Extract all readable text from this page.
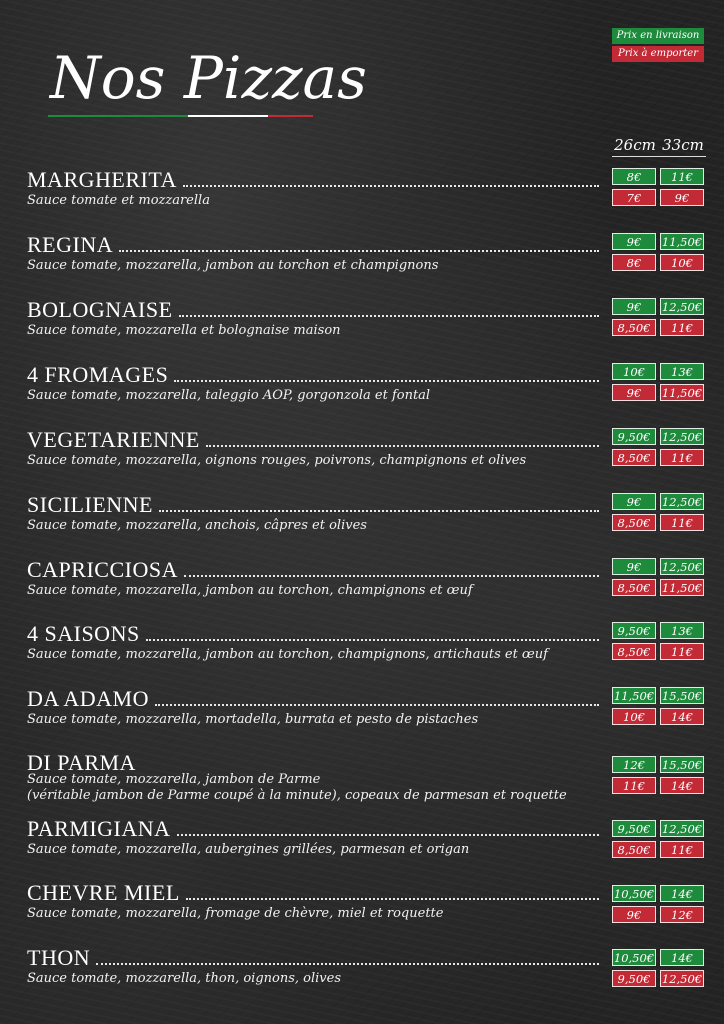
Nos Pizzas
Prix en livraison
Prix à emporter
26cm 33cm
MARGHERITA
Sauce tomate et mozzarella
8€	11€
7€	9€
REGINA
Sauce tomate, mozzarella, jambon au torchon et champignons
9€	11,50€
8€	10€
BOLOGNAISE
Sauce tomate, mozzarella et bolognaise maison
9€	12,50€
8,50€	11€
4 FROMAGES
Sauce tomate, mozzarella, taleggio AOP, gorgonzola et fontal
10€	13€
9€	11,50€
VEGETARIENNE
Sauce tomate, mozzarella, oignons rouges, poivrons, champignons et olives
9,50€ 12,50€
8,50€	11€
SICILIENNE
Sauce tomate, mozzarella, anchois, câpres et olives
9€	12,50€
8,50€	11€
CAPRICCIOSA
Sauce tomate, mozzarella, jambon au torchon, champignons et œuf
9€	12,50€
8,50€ 11,50€
4 SAISONS
Sauce tomate, mozzarella, jambon au torchon, champignons, artichauts et œuf
9,50€	13€
8,50€	11€
DA ADAMO
Sauce tomate, mozzarella, mortadella, burrata et pesto de pistaches
11,50€ 15,50€
10€	14€
DI PARMA
Sauce tomate, mozzarella, jambon de Parme
(véritable jambon de Parme coupé à la minute), copeaux de parmesan et roquette
12€	15,50€
11€	14€
PARMIGIANA
Sauce tomate, mozzarella, aubergines grillées, parmesan et origan
9,50€ 12,50€
8,50€	11€
CHEVRE MIEL
Sauce tomate, mozzarella, fromage de chèvre, miel et roquette
10,50€	14€
9€	12€
THON
Sauce tomate, mozzarella, thon, oignons, olives
10,50€	14€
9,50€ 12,50€
